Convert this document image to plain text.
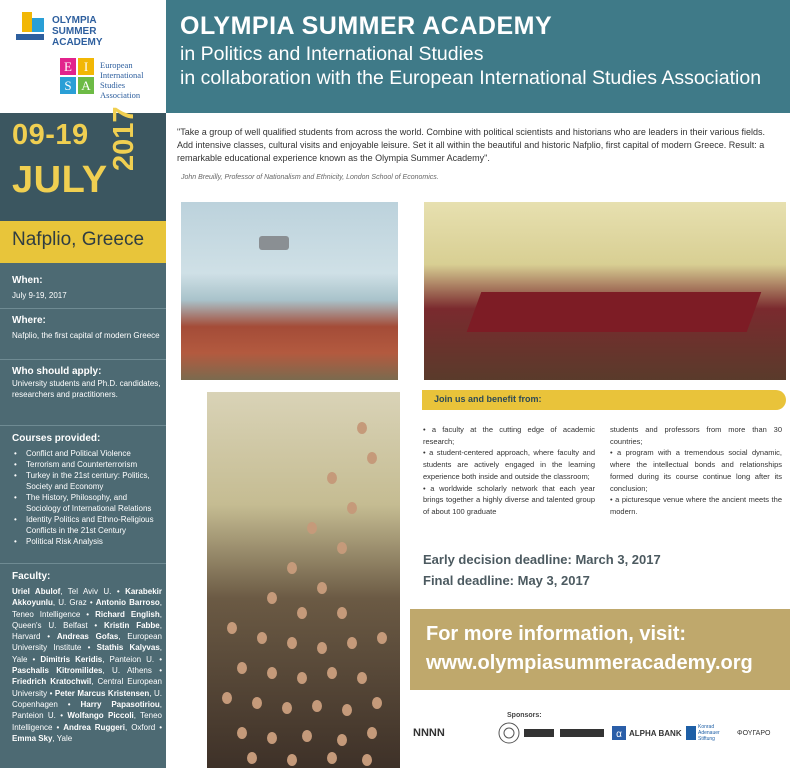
OLYMPIA
SUMMER
ACADEMY
E I
S A
European
International
Studies
Association
OLYMPIA SUMMER ACADEMY
in Politics and International Studies
in collaboration with the European International Studies Association
09-19
JULY
2017
Nafplio, Greece
When:

July 9-19, 2017

Where:

Nafplio, the first capital of modern Greece

Who should apply:

University students and Ph.D. candidates, researchers and practitioners.

Courses provided:
• Conflict and Political Violence
• Terrorism and Counterterrorism
• Turkey in the 21st century: Politics, Society and Economy
• The History, Philosophy, and Sociology of International Relations
• Identity Politics and Ethno-Religious Conflicts in the 21st Century
• Political Risk Analysis
Faculty:
Uriel Abulof, Tel Aviv U. • Karabekir Akkoyunlu, U. Graz • Antonio Barroso, Teneo Intelligence • Richard English, Queen's U. Belfast • Kristin Fabbe, Harvard • Andreas Gofas, European University Institute • Stathis Kalyvas, Yale • Dimitris Keridis, Panteion U. • Paschalis Kitromilides, U. Athens • Friedrich Kratochwil, Central European University • Peter Marcus Kristensen, U. Copenhagen • Harry Papasotiriou, Panteion U. • Wolfango Piccoli, Teneo Intelligence • Andrea Ruggeri, Oxford • Emma Sky, Yale
"Take a group of well qualified students from across the world. Combine with political scientists and historians who are leaders in their various fields. Add intensive classes, cultural visits and enjoyable leisure. Set it all within the beautiful and historic Nafplio, first capital of modern Greece. Result: a remarkable educational experience known as the Olympia Summer Academy".
John Breuilly, Professor of Nationalism and Ethnicity, London School of Economics.
Join us and benefit from:
• a faculty at the cutting edge of academic research;
• a student-centered approach, where faculty and students are actively engaged in the learning experience both inside and outside the classroom;
• a worldwide scholarly network that each year brings together a highly diverse and talented group of about 100 graduate
students and professors from more than 30 countries;
• a program with a tremendous social dynamic, where the intellectual bonds and relationships formed during its course continue long after its conclusion;
• a picturesque venue where the ancient meets the modern.
Early decision deadline: March 3, 2017
Final deadline: May 3, 2017
For more information, visit:
www.olympiasummeracademy.org
Sponsors:
NNNN	α ALPHA BANK
Konrad Adenauer Stiftung
ΦΟΥΓΑΡΟ
